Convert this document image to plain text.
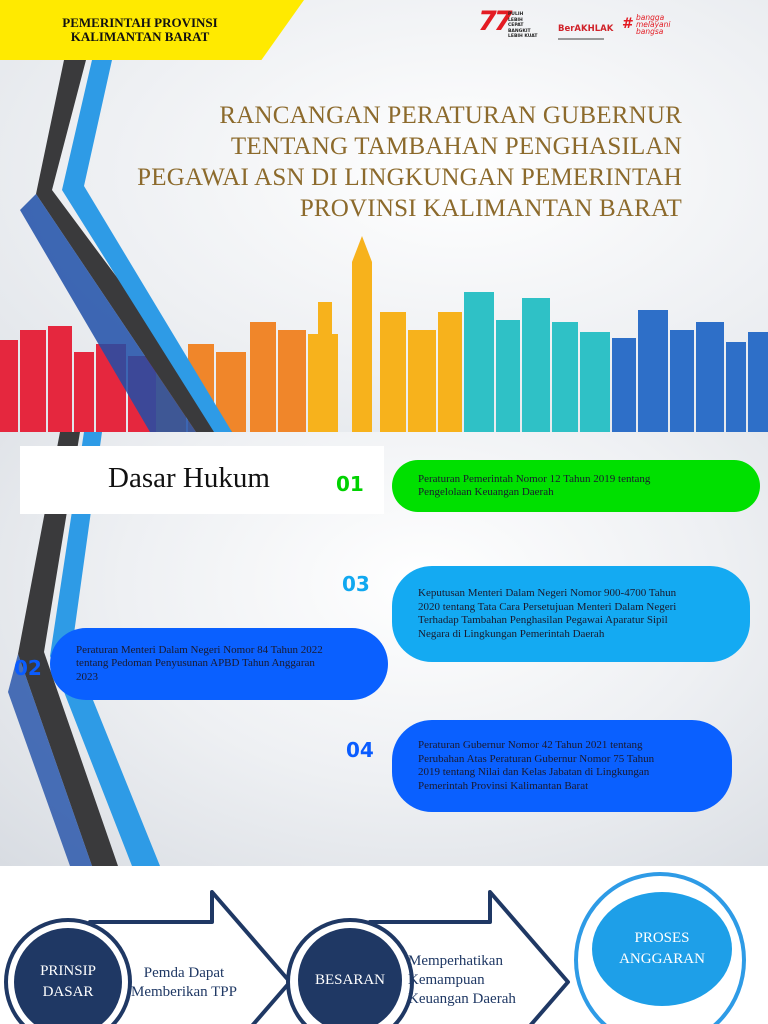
PEMERINTAH PROVINSI
KALIMANTAN BARAT	77
PULIH
LEBIH CEPAT
BANGKIT
LEBIH KUAT
BerAKHLAK # bangga
melayani
bangsa
RANCANGAN PERATURAN GUBERNUR
TENTANG TAMBAHAN PENGHASILAN
PEGAWAI ASN DI LINGKUNGAN PEMERINTAH
PROVINSI KALIMANTAN BARAT
Dasar Hukum	01	Peraturan Pemerintah Nomor 12 Tahun 2019 tentang
Pengelolaan Keuangan Daerah
03	Keputusan Menteri Dalam Negeri Nomor 900-4700 Tahun
2020 tentang Tata Cara Persetujuan Menteri Dalam Negeri
Terhadap Tambahan Penghasilan Pegawai Aparatur Sipil
Negara di Lingkungan Pemerintah Daerah
02
Peraturan Menteri Dalam Negeri Nomor 84 Tahun 2022
tentang Pedoman Penyusunan APBD Tahun Anggaran
2023
04	Peraturan Gubernur Nomor 42 Tahun 2021 tentang
Perubahan Atas Peraturan Gubernur Nomor 75 Tahun
2019 tentang Nilai dan Kelas Jabatan di Lingkungan
Pemerintah Provinsi Kalimantan Barat
PRINSIP
DASAR
Pemda Dapat
Memberikan TPP
BESARAN
Memperhatikan
Kemampuan
Keuangan Daerah
PROSES
ANGGARAN
